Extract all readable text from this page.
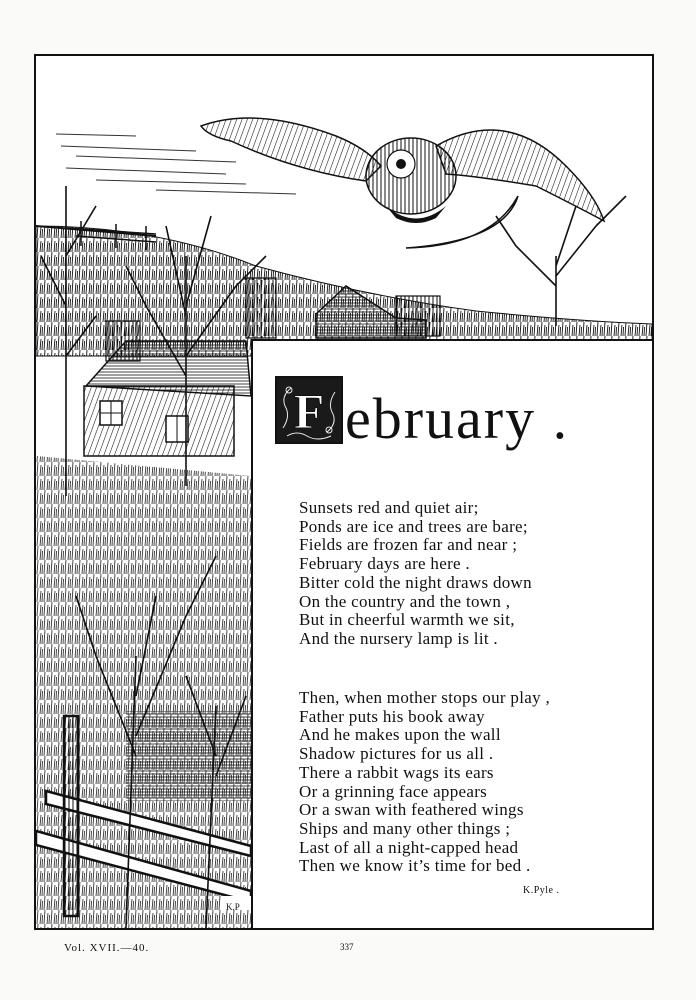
F ebruary .
Sunsets red and quiet air;
Ponds are ice and trees are bare;
Fields are frozen far and near ;
February days are here .
Bitter cold the night draws down
On the country and the town ,
But in cheerful warmth we sit,
And the nursery lamp is lit .
Then, when mother stops our play ,
Father puts his book away
And he makes upon the wall
Shadow pictures for us all .
There a rabbit wags its ears
Or a grinning face appears
Or a swan with feathered wings
Ships and many other things ;
Last of all a night-capped head
Then we know it’s time for bed .
K.Pyle .
K.P
Vol. XVII.—40.	337
